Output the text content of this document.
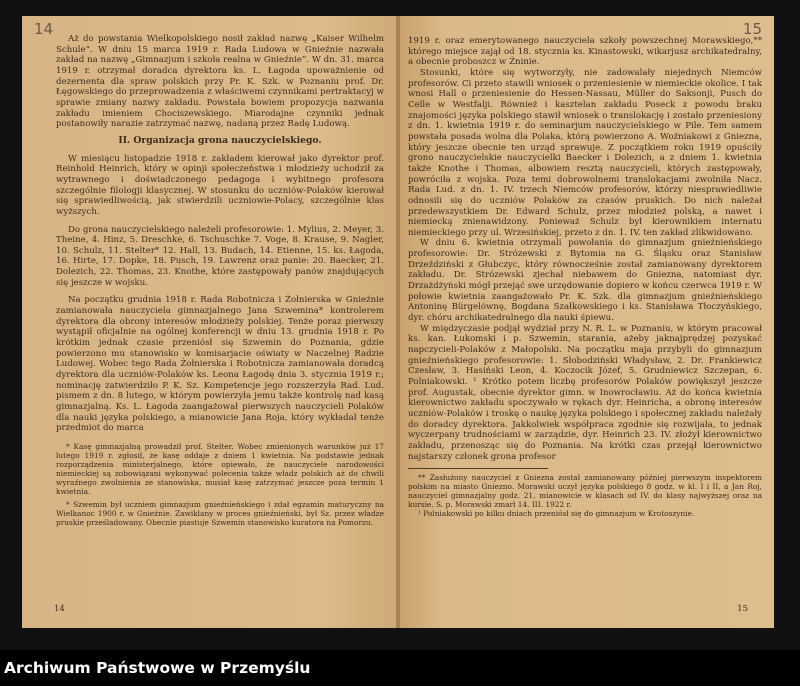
14

Aż do powstania Wielkopolskiego nosił zakład nazwę „Kaiser Wilhelm Schule”. W dniu 15 marca 1919 r. Rada Ludowa w Gnieźnie nazwała zakład na nazwę „Gimnazjum i szkoła realna w Gnieźnie”. W dn. 31. marca 1919 r. otrzymał doradca dyrektora ks. L. Łagoda upoważnienie od dezernenta dla spraw polskich przy Pr. K. Szk. w Poznaniu prof. Dr. Łęgowskiego do przeprowadzenia z właściwemi czynnikami pertraktacyj w sprawie zmiany nazwy zakładu. Powstała bowiem propozycja nazwania zakładu imieniem Chociszewskiego. Miarodajne czynniki jednak postanowiły narazie zatrzymać nazwę, nadaną przez Radę Ludową.

II. Organizacja grona nauczycielskiego.

W miesiącu listopadzie 1918 r. zakładem kierował jako dyrektor prof. Reinhold Heinrich, który w opinji społeczeństwa i młodzieży uchodził za wytrawnego i doświadczonego pedagoga i wybitnego profesora szczególnie filologji klasycznej. W stosunku do uczniów-Polaków kierował się sprawiedliwością, jak stwierdzili uczniowie-Polacy, szczególnie klas wyższych.

Do grona nauczycielskiego należeli profesorowie: 1. Mylius, 2. Meyer, 3. Theine, 4. Hinz, 5. Dreschke, 6. Tschuschke 7. Voge, 8. Krause, 9. Nagler, 10. Schulz, 11. Stelter* 12. Hall, 13. Budach, 14. Etienne, 15. ks. Łagoda, 16. Hirte, 17. Dopke, 18. Pusch, 19. Lawrenz oraz panie: 20. Baecker, 21. Dolezich, 22. Thomas, 23. Knothe, które zastępowały panów znajdujących się jeszcze w wojsku.

Na początku grudnia 1918 r. Rada Robotnicza i Żołnierska w Gnieźnie zamianowała nauczyciela gimnazjalnego Jana Szwemina* kontrolerem dyrektora dla obrony interesów młodzieży polskiej. Tenże poraz pierwszy wystąpił oficjalnie na ogólnej konferencji w dniu 13. grudnia 1918 r. Po krótkim jednak czasie przeniósł się Szwemin do Poznania, gdzie powierzono mu stanowisko w komisarjacie oświaty w Naczelnej Radzie Ludowej. Wobec tego Rada Żołnierska i Robotnicza zamianowała doradcą dyrektora dla uczniów-Polaków ks. Leona Łagodę dnia 3. stycznia 1919 r.; nominację zatwierdziło P. K. Sz. Kompetencje jego rozszerzyła Rad. Lud. pismem z dn. 8 lutego, w którym powierzyła jemu także kontrolę nad kasą gimnazjalną. Ks. L. Łagoda zaangażował pierwszych nauczycieli Polaków dla nauki języka polskiego, a mianowicie Jana Roja, który wykładał tenże przedmiot do marca

* Kasę gimnazjalną prowadził prof. Stelter. Wobec zmienionych warunków już 17 lutego 1919 r. zgłosił, że kasę oddaje z dniem 1 kwietnia. Na podstawie jednak rozporządzenia ministerjalnego, które opiewało, że nauczyciele narodowości niemieckiej są zobowiązani wykonywać polecenia także władz polskich aż do chwili wyraźnego zwolnienia ze stanowiska, musiał kasę zatrzymać jeszcze poza termin 1 kwietnia.

* Szwemin był uczniem gimnazjum gnieźnieńskiego i zdał egzamin maturyczny na Wielkanoc 1900 r. w Gnieźnie. Zawiklany w proces gnieźnieński, był Sz. przez władze pruskie prześladowany. Obecnie piastuje Szwemin stanowisko kuratora na Pomorzu.

14
15

1919 r. oraz emerytowanego nauczyciela szkoły powszechnej Morawskiego,** którego miejsce zajął od 18. stycznia ks. Kinastowski, wikarjusz archikatedralny, a obecnie proboszcz w Żninie.

Stosunki, które się wytworzyły, nie zadowalały niejednych Niemców profesorów. Ci przeto stawili wniosek o przeniesienie w niemieckie okolice. I tak wnosi Hall o przeniesienie do Hessen-Nassau, Müller do Saksonji, Pusch do Celle w Westfalji. Również i kasztelan zakładu Poseck z powodu braku znajomości języka polskiego stawił wniosek o translokację i zostało przeniesiony z dn. 1. kwietnia 1919 r. do seminarjum nauczycielskiego w Pile. Tem samem powstała posada wolna dla Polaka, którą powierzono A. Woźniakowi z Gniezna, który jeszcze obecnie ten urząd sprawuje. Z początkiem roku 1919 opuściły grono nauczycielskie nauczycielki Baecker i Dolezich, a z dniem 1. kwietnia także Knothe i Thomas, albowiem resztą nauczycieli, których zastępowały, powróciła z wojska. Poza temi dobrowolnemi translokacjami zwolniła Nacz. Rada Lud. z dn. 1. IV. trzech Niemców profesorów, którzy niesprawiedliwie odnosili się do uczniów Polaków za czasów pruskich. Do nich należał przedewszystkiem Dr. Edward Schulz, przez młodzież polską, a nawet i niemiecką znienawidzony. Ponieważ Schulz był kierownikiem internatu niemieckiego przy ul. Wrzesińskiej, przeto z dn. 1. IV. ten zakład zlikwidowano.

W dniu 6. kwietnia otrzymali powołania do gimnazjum gnieźnieńskiego profesorowie: Dr. Strózewski z Bytomia na G. Śląsku oraz Stanisław Drzeździński z Głubczyc, który równocześnie został zamianowany dyrektorem zakładu. Dr. Strózewski zjechał niebawem do Gniezna, natomiast dyr. Drzażdżyński mógł przejąć swe urzędowanie dopiero w końcu czerwca 1919 r. W połowie kwietnia zaangażowało Pr. K. Szk. dla gimnazjum gnieźnieńskiego Antoninę Bürgelównę, Bogdana Szałkowskiego i ks. Stanisława Tłoczyńskiego, dyr. chóru archikatedralnego dla nauki śpiewu.

W międzyczasie podjął wydział przy N. R. L. w Poznaniu, w którym pracował ks. kan. Łukomski i p. Szwemin, starania, ażeby jaknajprędzej pozyskać napczycieli-Polaków z Małopolski. Na początku maja przybyli do gimnazjum gnieźnieńskiego profesorowie: 1. Słobodziński Władysław, 2. Dr. Frankiewicz Czesław, 3. Hasiński Leon, 4. Koczocik Józef, 5. Grudniewicz Szczepan, 6. Polniakowski. ¹ Krótko potem liczbę profesorów Polaków powiększył jeszcze prof. Augustak, obecnie dyrektor gimn. w Inowrocławiu. Aż do końca kwietnia kierownictwo zakładu spoczywało w rękach dyr. Heinricha, a obronę interesów uczniów-Polaków i troskę o naukę języka polskiego i społecznej zakładu należały do doradcy dyrektora. Jakkolwiek współpraca zgodnie się rozwijała, to jednak wyczerpany trudnościami w zarządzie, dyr. Heinrich 23. IV. złożył kierownictwo zakładu, przenosząc się do Poznania. Na krótki czas przejął kierownictwo najstarszy członek grona profesor

** Zasłużony nauczyciel z Gniezna został zamianowany później pierwszym inspektorem polskim na miasto Gniezno. Morawski uczył języka polskiego 8 godz. w kl. I i II, a Jan Roj, nauczyciel gimnazjalny godz. 21, mianowicie w klasach od IV. do klasy najwyższej oraz na kursie. S. p. Morawski zmarł 14. III. 1922 r.

¹ Polniakowski po kilku dniach przeniósł się do gimnazjum w Krotoszynie.

15
Archiwum Państwowe w Przemyślu
